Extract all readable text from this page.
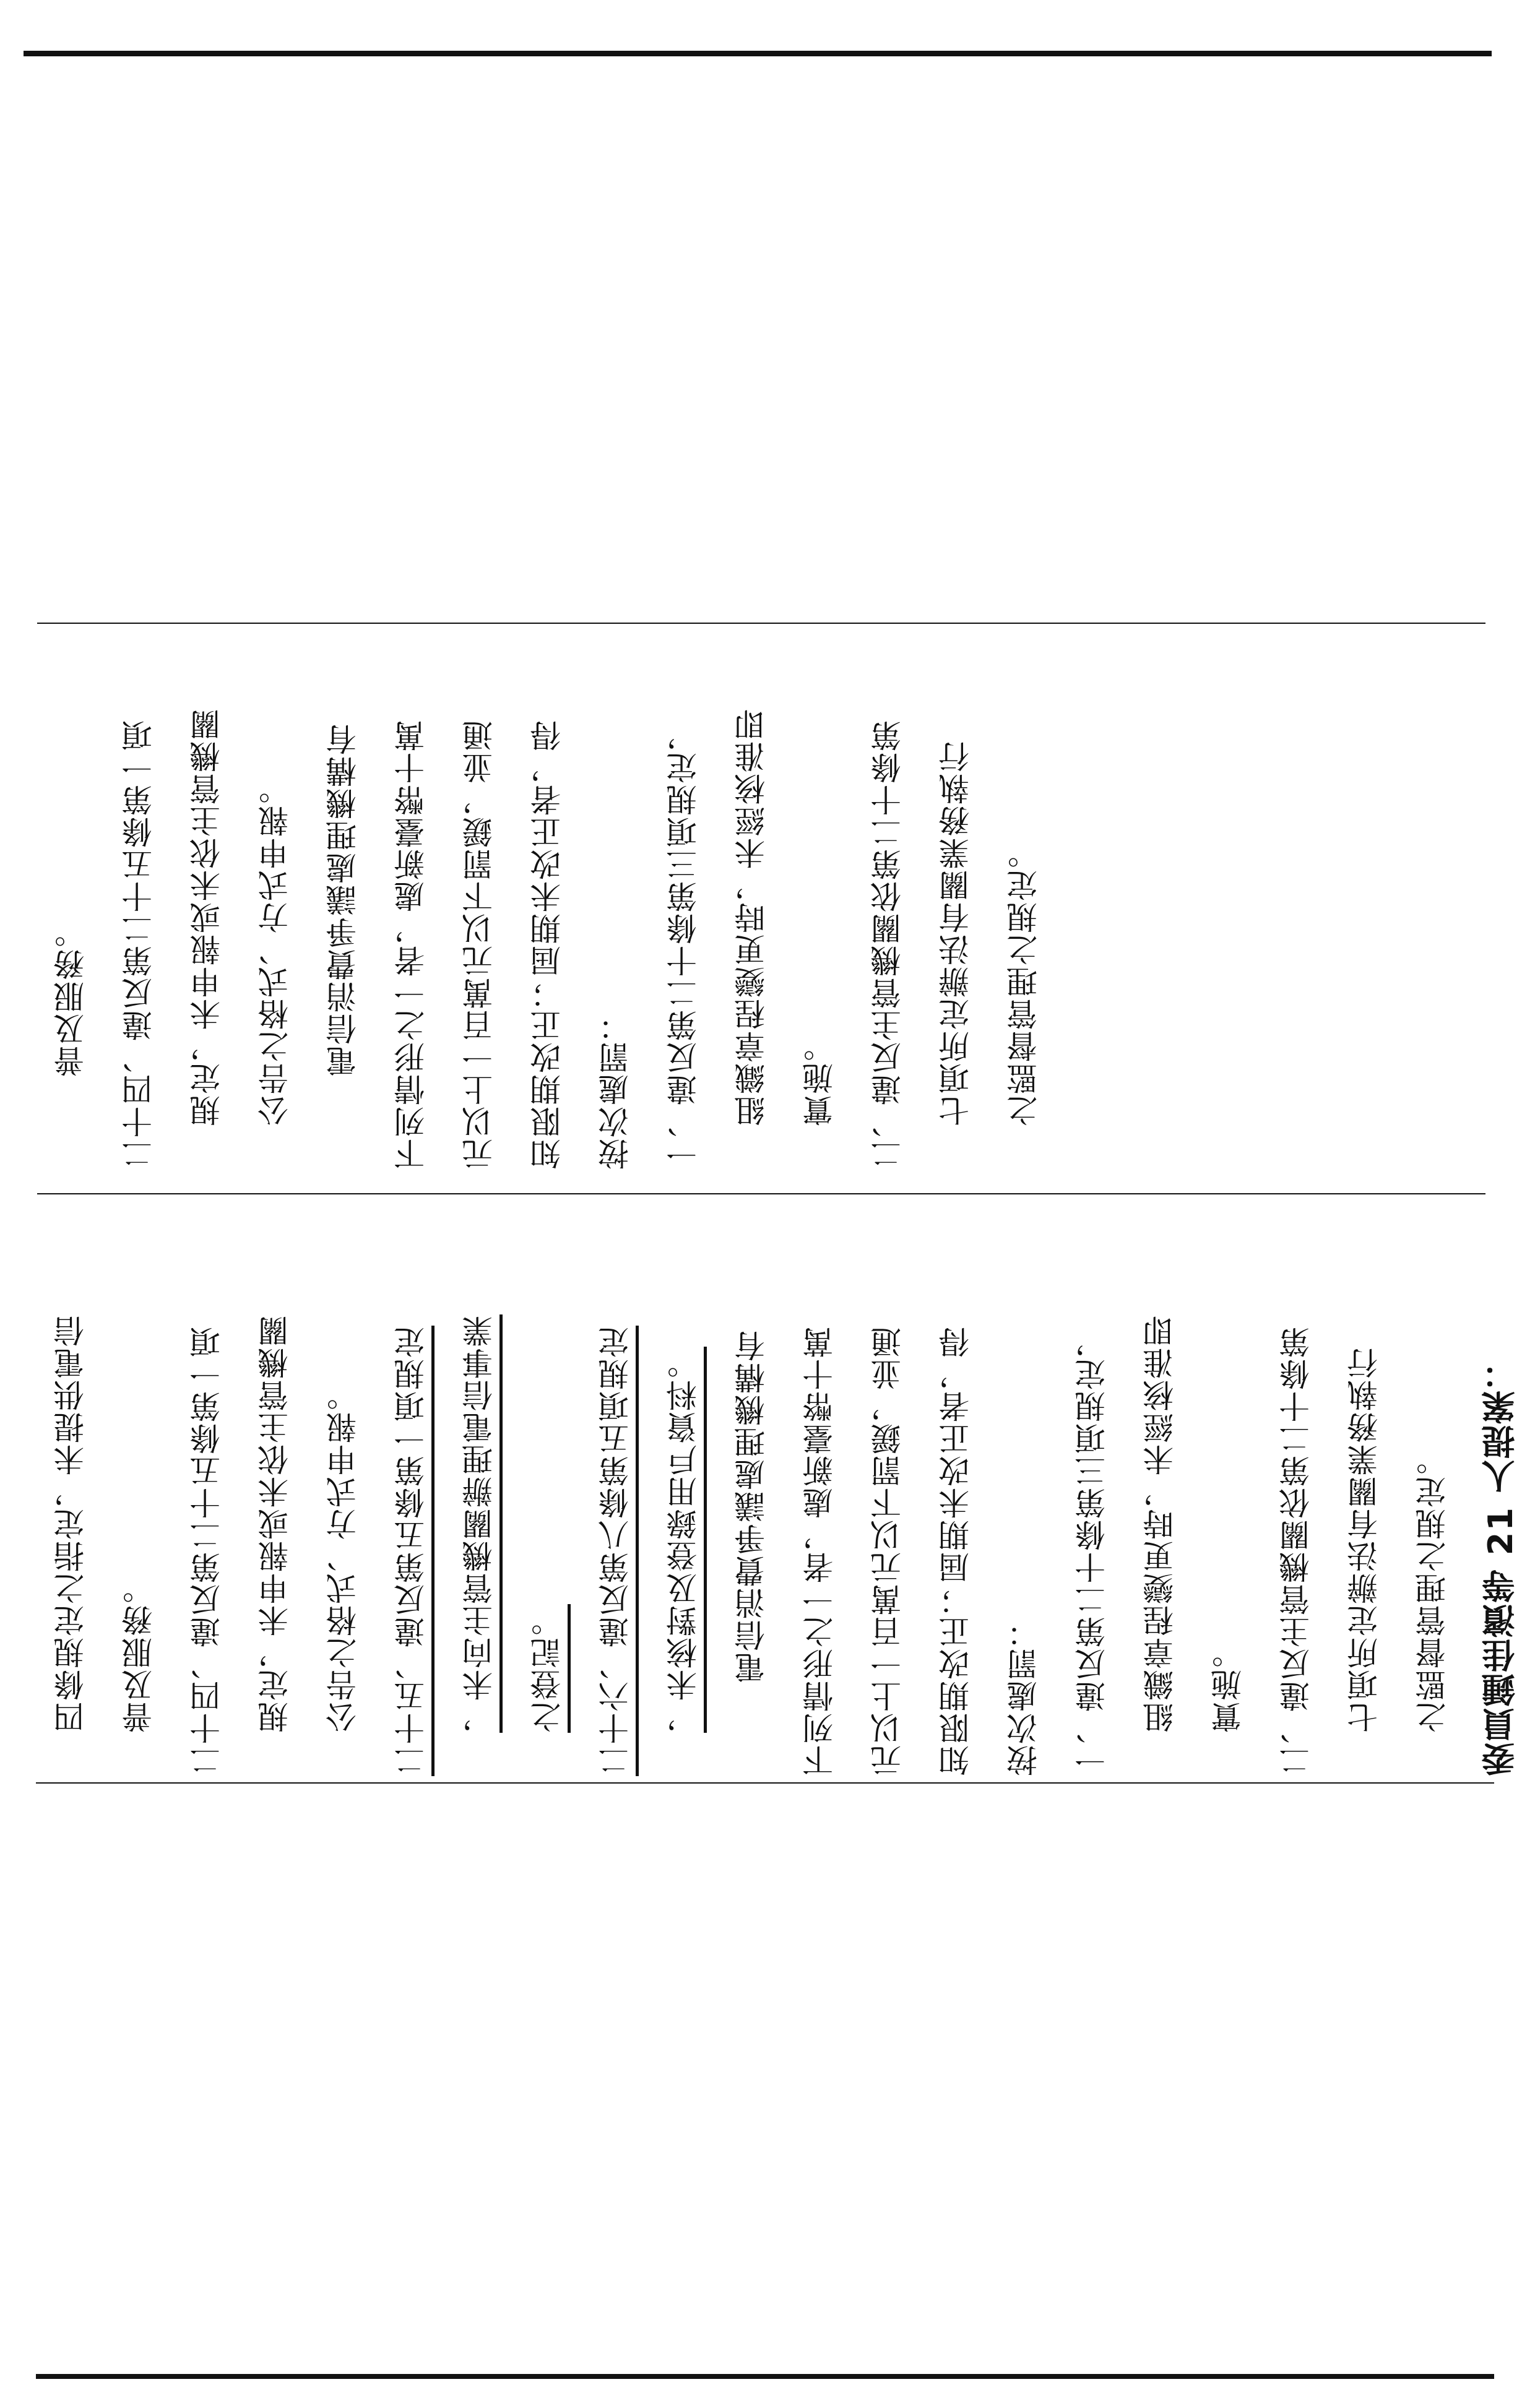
普及服務。	二十四、違反第二十五條第一項	規定，未申報或未依主管機關	公告之格式、方式申報。	電信消費爭議處理機構有	下列情形之一者，處新臺幣十萬	元以上一百萬元以下罰鍰，並通	知限期改正；屆期未改正者，得	按次處罰：	一、違反第二十條第三項規定，	組織章程變更時，未經核准即	實施。	二、違反主管機關依第二十條第	七項所定辦法有關業務執行	之監督管理之規定。
四條規定之指定，未提供電信	普及服務。	二十四、違反第二十五條第一項	規定，未申報或未依主管機關	公告之格式、方式申報。	二十五、違反第五條第一項規定	，未向主管機關辦理電信事業	之登記。	二十六、違反第八條第五項規定	，未核對及登錄用戶資料。	電信消費爭議處理機構有	下列情形之一者，處新臺幣十萬	元以上一百萬元以下罰鍰，並通	知限期改正；屆期未改正者，得	按次處罰：	一、違反第二十條第三項規定，	組織章程變更時，未經核准即	實施。	二、違反主管機關依第二十條第	七項所定辦法有關業務執行	之監督管理之規定。 委員鍾佳濱等 21 人提案：
